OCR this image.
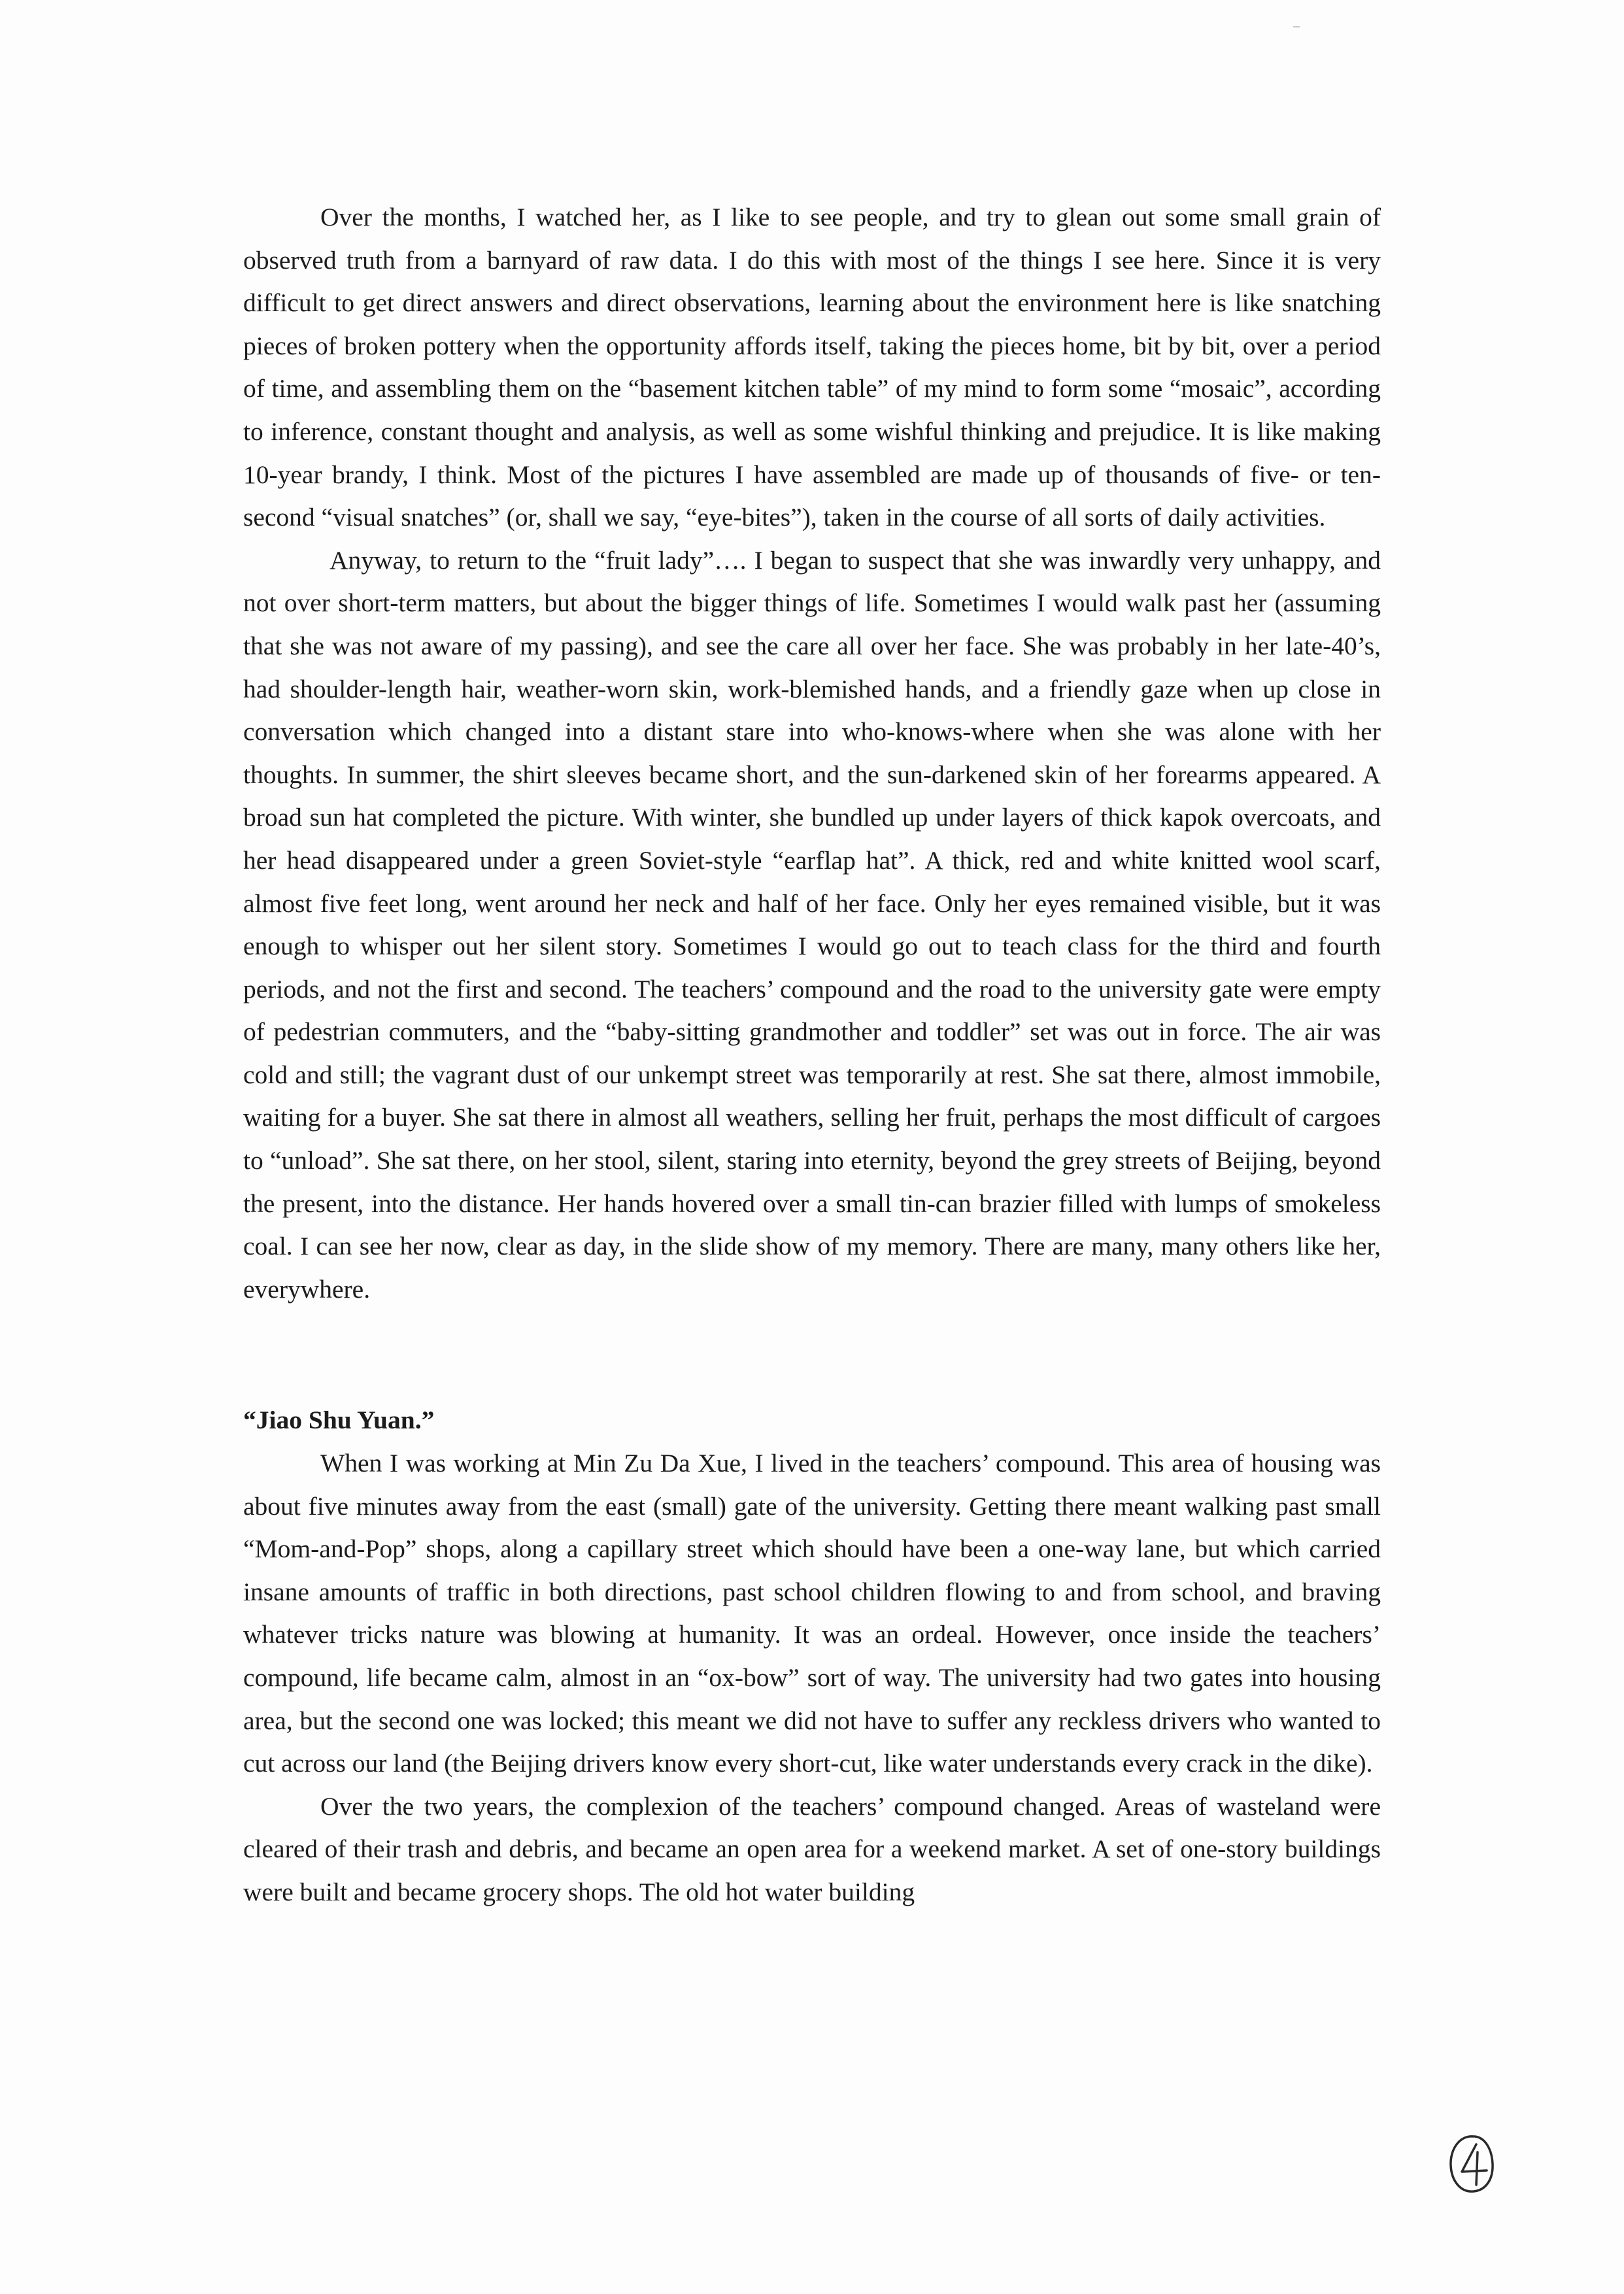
Over the months, I watched her, as I like to see people, and try to glean out some small grain of observed truth from a barnyard of raw data. I do this with most of the things I see here. Since it is very difficult to get direct answers and direct observations, learning about the environment here is like snatching pieces of broken pottery when the opportunity affords itself, taking the pieces home, bit by bit, over a period of time, and assembling them on the “basement kitchen table” of my mind to form some “mosaic”, according to inference, constant thought and analysis, as well as some wishful thinking and prejudice. It is like making 10-year brandy, I think. Most of the pictures I have assembled are made up of thousands of five- or ten-second “visual snatches” (or, shall we say, “eye-bites”), taken in the course of all sorts of daily activities.

Anyway, to return to the “fruit lady”…. I began to suspect that she was inwardly very unhappy, and not over short-term matters, but about the bigger things of life. Sometimes I would walk past her (assuming that she was not aware of my passing), and see the care all over her face. She was probably in her late-40’s, had shoulder-length hair, weather-worn skin, work-blemished hands, and a friendly gaze when up close in conversation which changed into a distant stare into who-knows-where when she was alone with her thoughts. In summer, the shirt sleeves became short, and the sun-darkened skin of her forearms appeared. A broad sun hat completed the picture. With winter, she bundled up under layers of thick kapok overcoats, and her head disappeared under a green Soviet-style “earflap hat”. A thick, red and white knitted wool scarf, almost five feet long, went around her neck and half of her face. Only her eyes remained visible, but it was enough to whisper out her silent story. Sometimes I would go out to teach class for the third and fourth periods, and not the first and second. The teachers’ compound and the road to the university gate were empty of pedestrian commuters, and the “baby-sitting grandmother and toddler” set was out in force. The air was cold and still; the vagrant dust of our unkempt street was temporarily at rest. She sat there, almost immobile, waiting for a buyer. She sat there in almost all weathers, selling her fruit, perhaps the most difficult of cargoes to “unload”. She sat there, on her stool, silent, staring into eternity, beyond the grey streets of Beijing, beyond the present, into the distance. Her hands hovered over a small tin-can brazier filled with lumps of smokeless coal. I can see her now, clear as day, in the slide show of my memory. There are many, many others like her, everywhere.

“Jiao Shu Yuan.”

When I was working at Min Zu Da Xue, I lived in the teachers’ compound. This area of housing was about five minutes away from the east (small) gate of the university. Getting there meant walking past small “Mom-and-Pop” shops, along a capillary street which should have been a one-way lane, but which carried insane amounts of traffic in both directions, past school children flowing to and from school, and braving whatever tricks nature was blowing at humanity. It was an ordeal. However, once inside the teachers’ compound, life became calm, almost in an “ox-bow” sort of way. The university had two gates into housing area, but the second one was locked; this meant we did not have to suffer any reckless drivers who wanted to cut across our land (the Beijing drivers know every short-cut, like water understands every crack in the dike).

Over the two years, the complexion of the teachers’ compound changed. Areas of wasteland were cleared of their trash and debris, and became an open area for a weekend market. A set of one-story buildings were built and became grocery shops. The old hot water building

4
